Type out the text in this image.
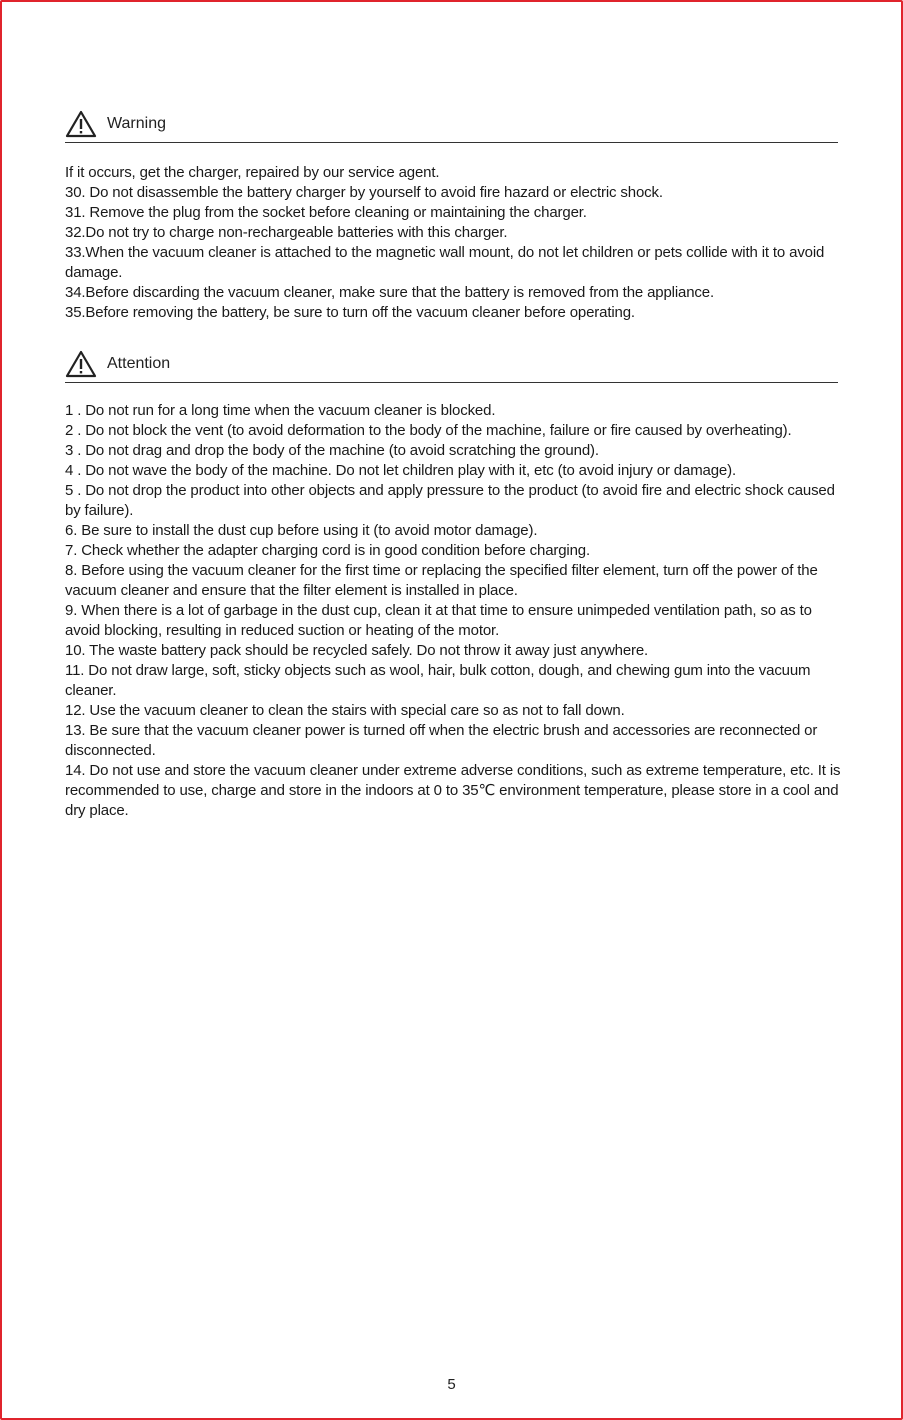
Warning

If it occurs, get the charger, repaired by our service agent.

30. Do not disassemble the battery charger by yourself to avoid fire hazard or electric shock.

31. Remove the plug from the socket before cleaning or maintaining the charger.

32.Do not try to charge non-rechargeable batteries with this charger.

33.When the vacuum cleaner is attached to the magnetic wall mount, do not let children or pets collide with it to avoid damage.

34.Before discarding the vacuum cleaner, make sure that the battery is removed from the appliance.

35.Before removing the battery, be sure to turn off the vacuum cleaner before operating.

Attention

1 . Do not run for a long time when the vacuum cleaner is blocked.

2 . Do not block the vent (to avoid deformation to the body of the machine, failure or fire caused by overheating).

3 . Do not drag and drop the body of the machine (to avoid scratching the ground).

4 . Do not wave the body of the machine. Do not let children play with it, etc (to avoid injury or damage).

5 . Do not drop the product into other objects and apply pressure to the product (to avoid fire and electric shock caused by failure).

6. Be sure to install the dust cup before using it (to avoid motor damage).

7. Check whether the adapter charging cord is in good condition before charging.

8. Before using the vacuum cleaner for the first time or replacing the specified filter element, turn off the power of the vacuum cleaner and ensure that the filter element is installed in place.

9. When there is a lot of garbage in the dust cup, clean it at that time to ensure unimpeded ventilation path, so as to avoid blocking, resulting in reduced suction or heating of the motor.

10. The waste battery pack should be recycled safely. Do not throw it away just anywhere.

11. Do not draw large, soft, sticky objects such as wool, hair, bulk cotton, dough, and chewing gum into the vacuum cleaner.

12. Use the vacuum cleaner to clean the stairs with special care so as not to fall down.

13. Be sure that the vacuum cleaner power is turned off when the electric brush and accessories are reconnected or disconnected.

14. Do not use and store the vacuum cleaner under extreme adverse conditions, such as extreme temperature, etc. It is recommended to use, charge and store in the indoors at 0 to 35℃ environment temperature, please store in a cool and dry place.

5
